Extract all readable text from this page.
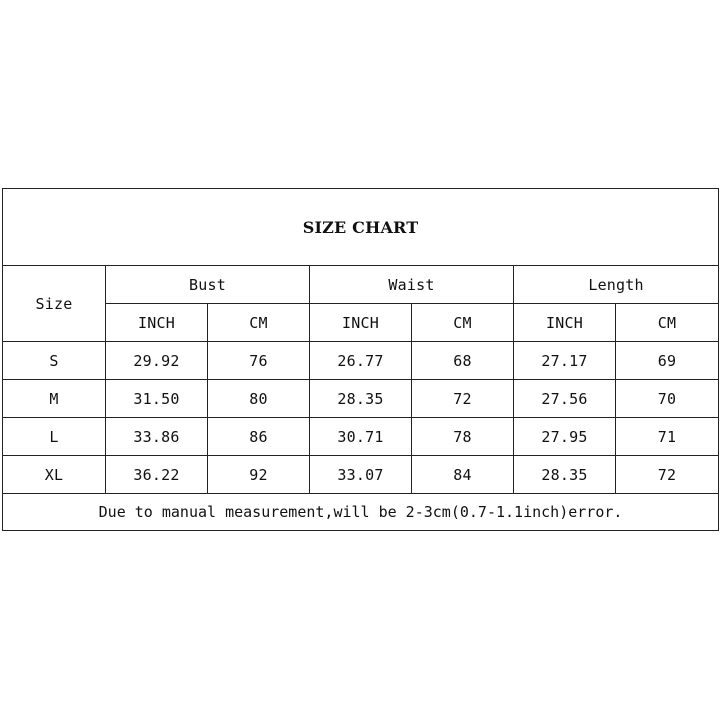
SIZE CHART						
Size	Bust		Waist		Length	
	INCH	CM	INCH	CM	INCH	CM
S	29.92	76	26.77	68	27.17	69
M	31.50	80	28.35	72	27.56	70
L	33.86	86	30.71	78	27.95	71
XL	36.22	92	33.07	84	28.35	72
Due to manual measurement,will be 2-3cm(0.7-1.1inch)error.						
